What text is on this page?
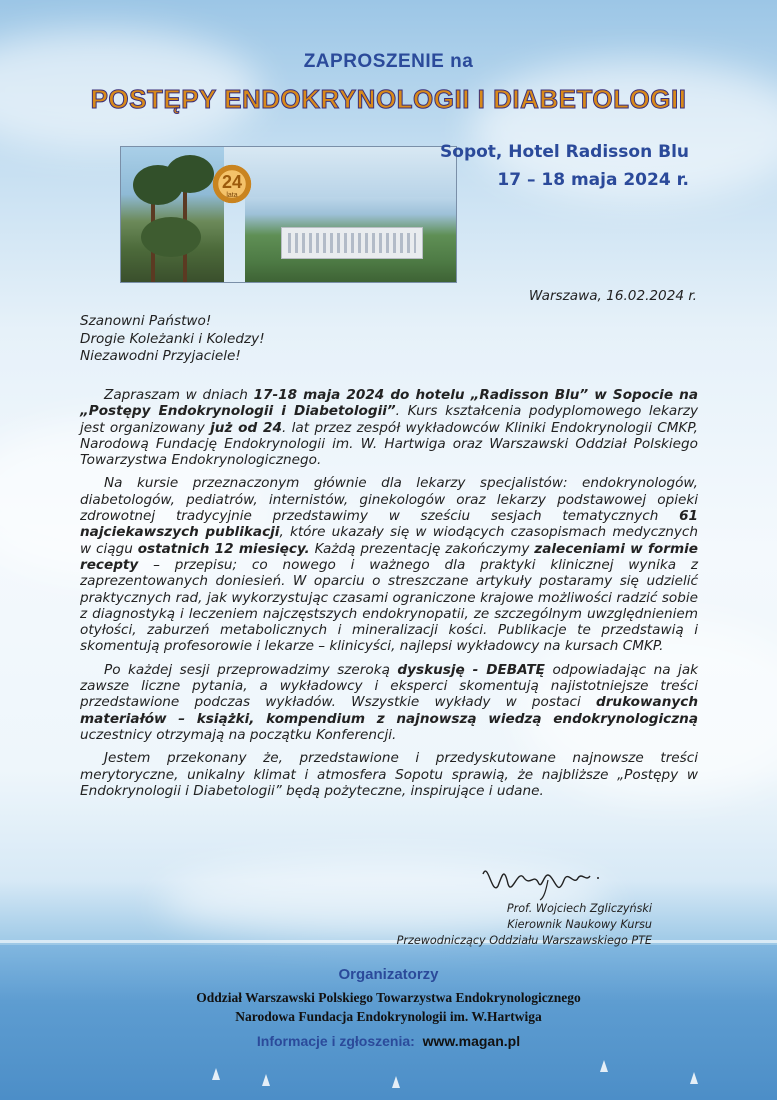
ZAPROSZENIE na
POSTĘPY ENDOKRYNOLOGII I DIABETOLOGII
24
lata
Sopot, Hotel Radisson Blu
17 – 18 maja 2024 r.
Warszawa, 16.02.2024 r.
Szanowni Państwo!
Drogie Koleżanki i Koledzy!
Niezawodni Przyjaciele!

Zapraszam w dniach 17-18 maja 2024 do hotelu „Radisson Blu” w Sopocie na „Postępy Endokrynologii i Diabetologii”. Kurs kształcenia podyplomowego lekarzy jest organizowany już od 24. lat przez zespół wykładowców Kliniki Endokrynologii CMKP, Narodową Fundację Endokrynologii im. W. Hartwiga oraz Warszawski Oddział Polskiego Towarzystwa Endokrynologicznego.

Na kursie przeznaczonym głównie dla lekarzy specjalistów: endokrynologów, diabetologów, pediatrów, internistów, ginekologów oraz lekarzy podstawowej opieki zdrowotnej tradycyjnie przedstawimy w sześciu sesjach tematycznych 61 najciekawszych publikacji, które ukazały się w wiodących czasopismach medycznych w ciągu ostatnich 12 miesięcy. Każdą prezentację zakończymy zaleceniami w formie recepty – przepisu; co nowego i ważnego dla praktyki klinicznej wynika z zaprezentowanych doniesień. W oparciu o streszczane artykuły postaramy się udzielić praktycznych rad, jak wykorzystując czasami ograniczone krajowe możliwości radzić sobie z diagnostyką i leczeniem najczęstszych endokrynopatii, ze szczególnym uwzględnieniem otyłości, zaburzeń metabolicznych i mineralizacji kości. Publikacje te przedstawią i skomentują profesorowie i lekarze – klinicyści, najlepsi wykładowcy na kursach CMKP.

Po każdej sesji przeprowadzimy szeroką dyskusję - DEBATĘ odpowiadając na jak zawsze liczne pytania, a wykładowcy i eksperci skomentują najistotniejsze treści przedstawione podczas wykładów. Wszystkie wykłady w postaci drukowanych materiałów – książki, kompendium z najnowszą wiedzą endokrynologiczną uczestnicy otrzymają na początku Konferencji.

Jestem przekonany że, przedstawione i przedyskutowane najnowsze treści merytoryczne, unikalny klimat i atmosfera Sopotu sprawią, że najbliższe „Postępy w Endokrynologii i Diabetologii” będą pożyteczne, inspirujące i udane.

Prof. Wojciech Zgliczyński
Kierownik Naukowy Kursu
Przewodniczący Oddziału Warszawskiego PTE
Organizatorzy
Oddział Warszawski Polskiego Towarzystwa Endokrynologicznego
Narodowa Fundacja Endokrynologii im. W.Hartwiga
Informacje i zgłoszenia: www.magan.pl
